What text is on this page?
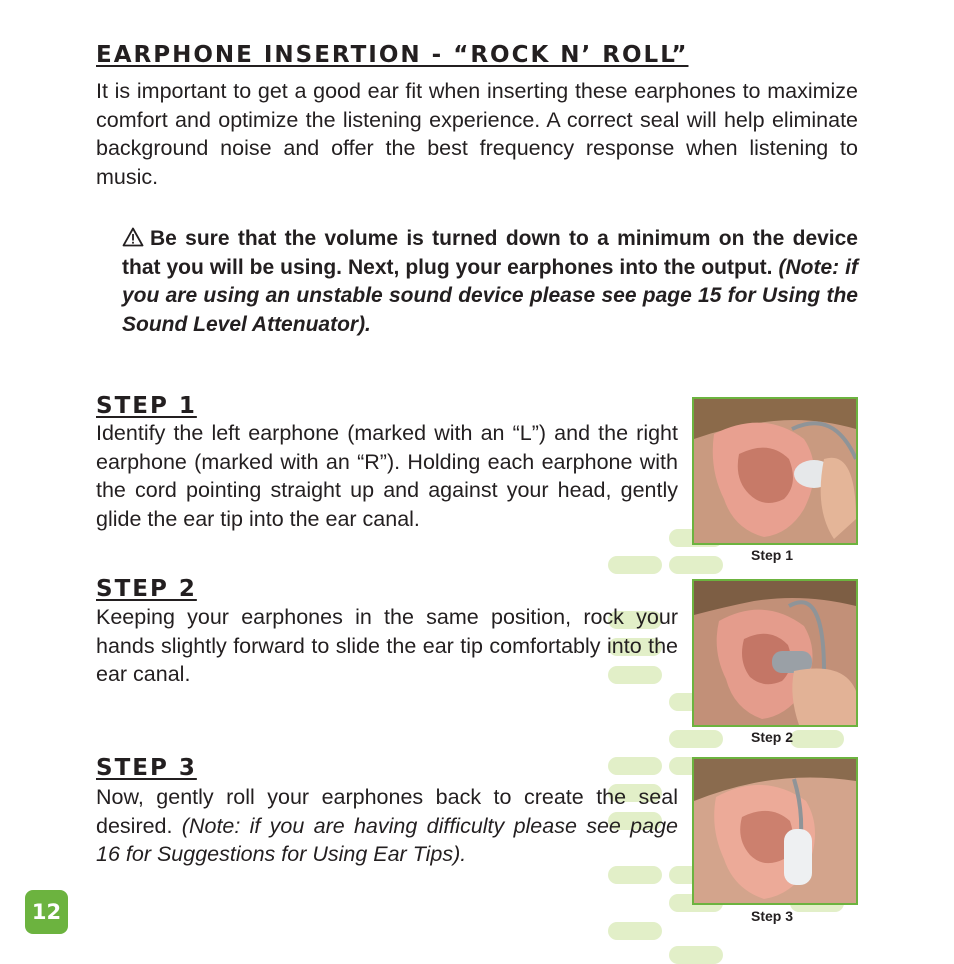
EARPHONE INSERTION - “ROCK N’ ROLL”

It is important to get a good ear fit when inserting these earphones to maximize comfort and optimize the listening experience. A correct seal will help eliminate background noise and offer the best frequency response when listening to music.

Be sure that the volume is turned down to a minimum on the device that you will be using. Next, plug your earphones into the output. (Note: if you are using an unstable sound device please see page 15 for Using the Sound Level Attenuator).

STEP 1

Identify the left earphone (marked with an “L”) and the right earphone (marked with an “R”). Holding each earphone with the cord pointing straight up and against your head, gently glide the ear tip into the ear canal.

Step 1
STEP 2

Keeping your earphones in the same position, rock your hands slightly forward to slide the ear tip comfortably into the ear canal.

Step 2
STEP 3

Now, gently roll your earphones back to create the seal desired. (Note: if you are having difficulty please see page 16 for Suggestions for Using Ear Tips).

Step 3
12
